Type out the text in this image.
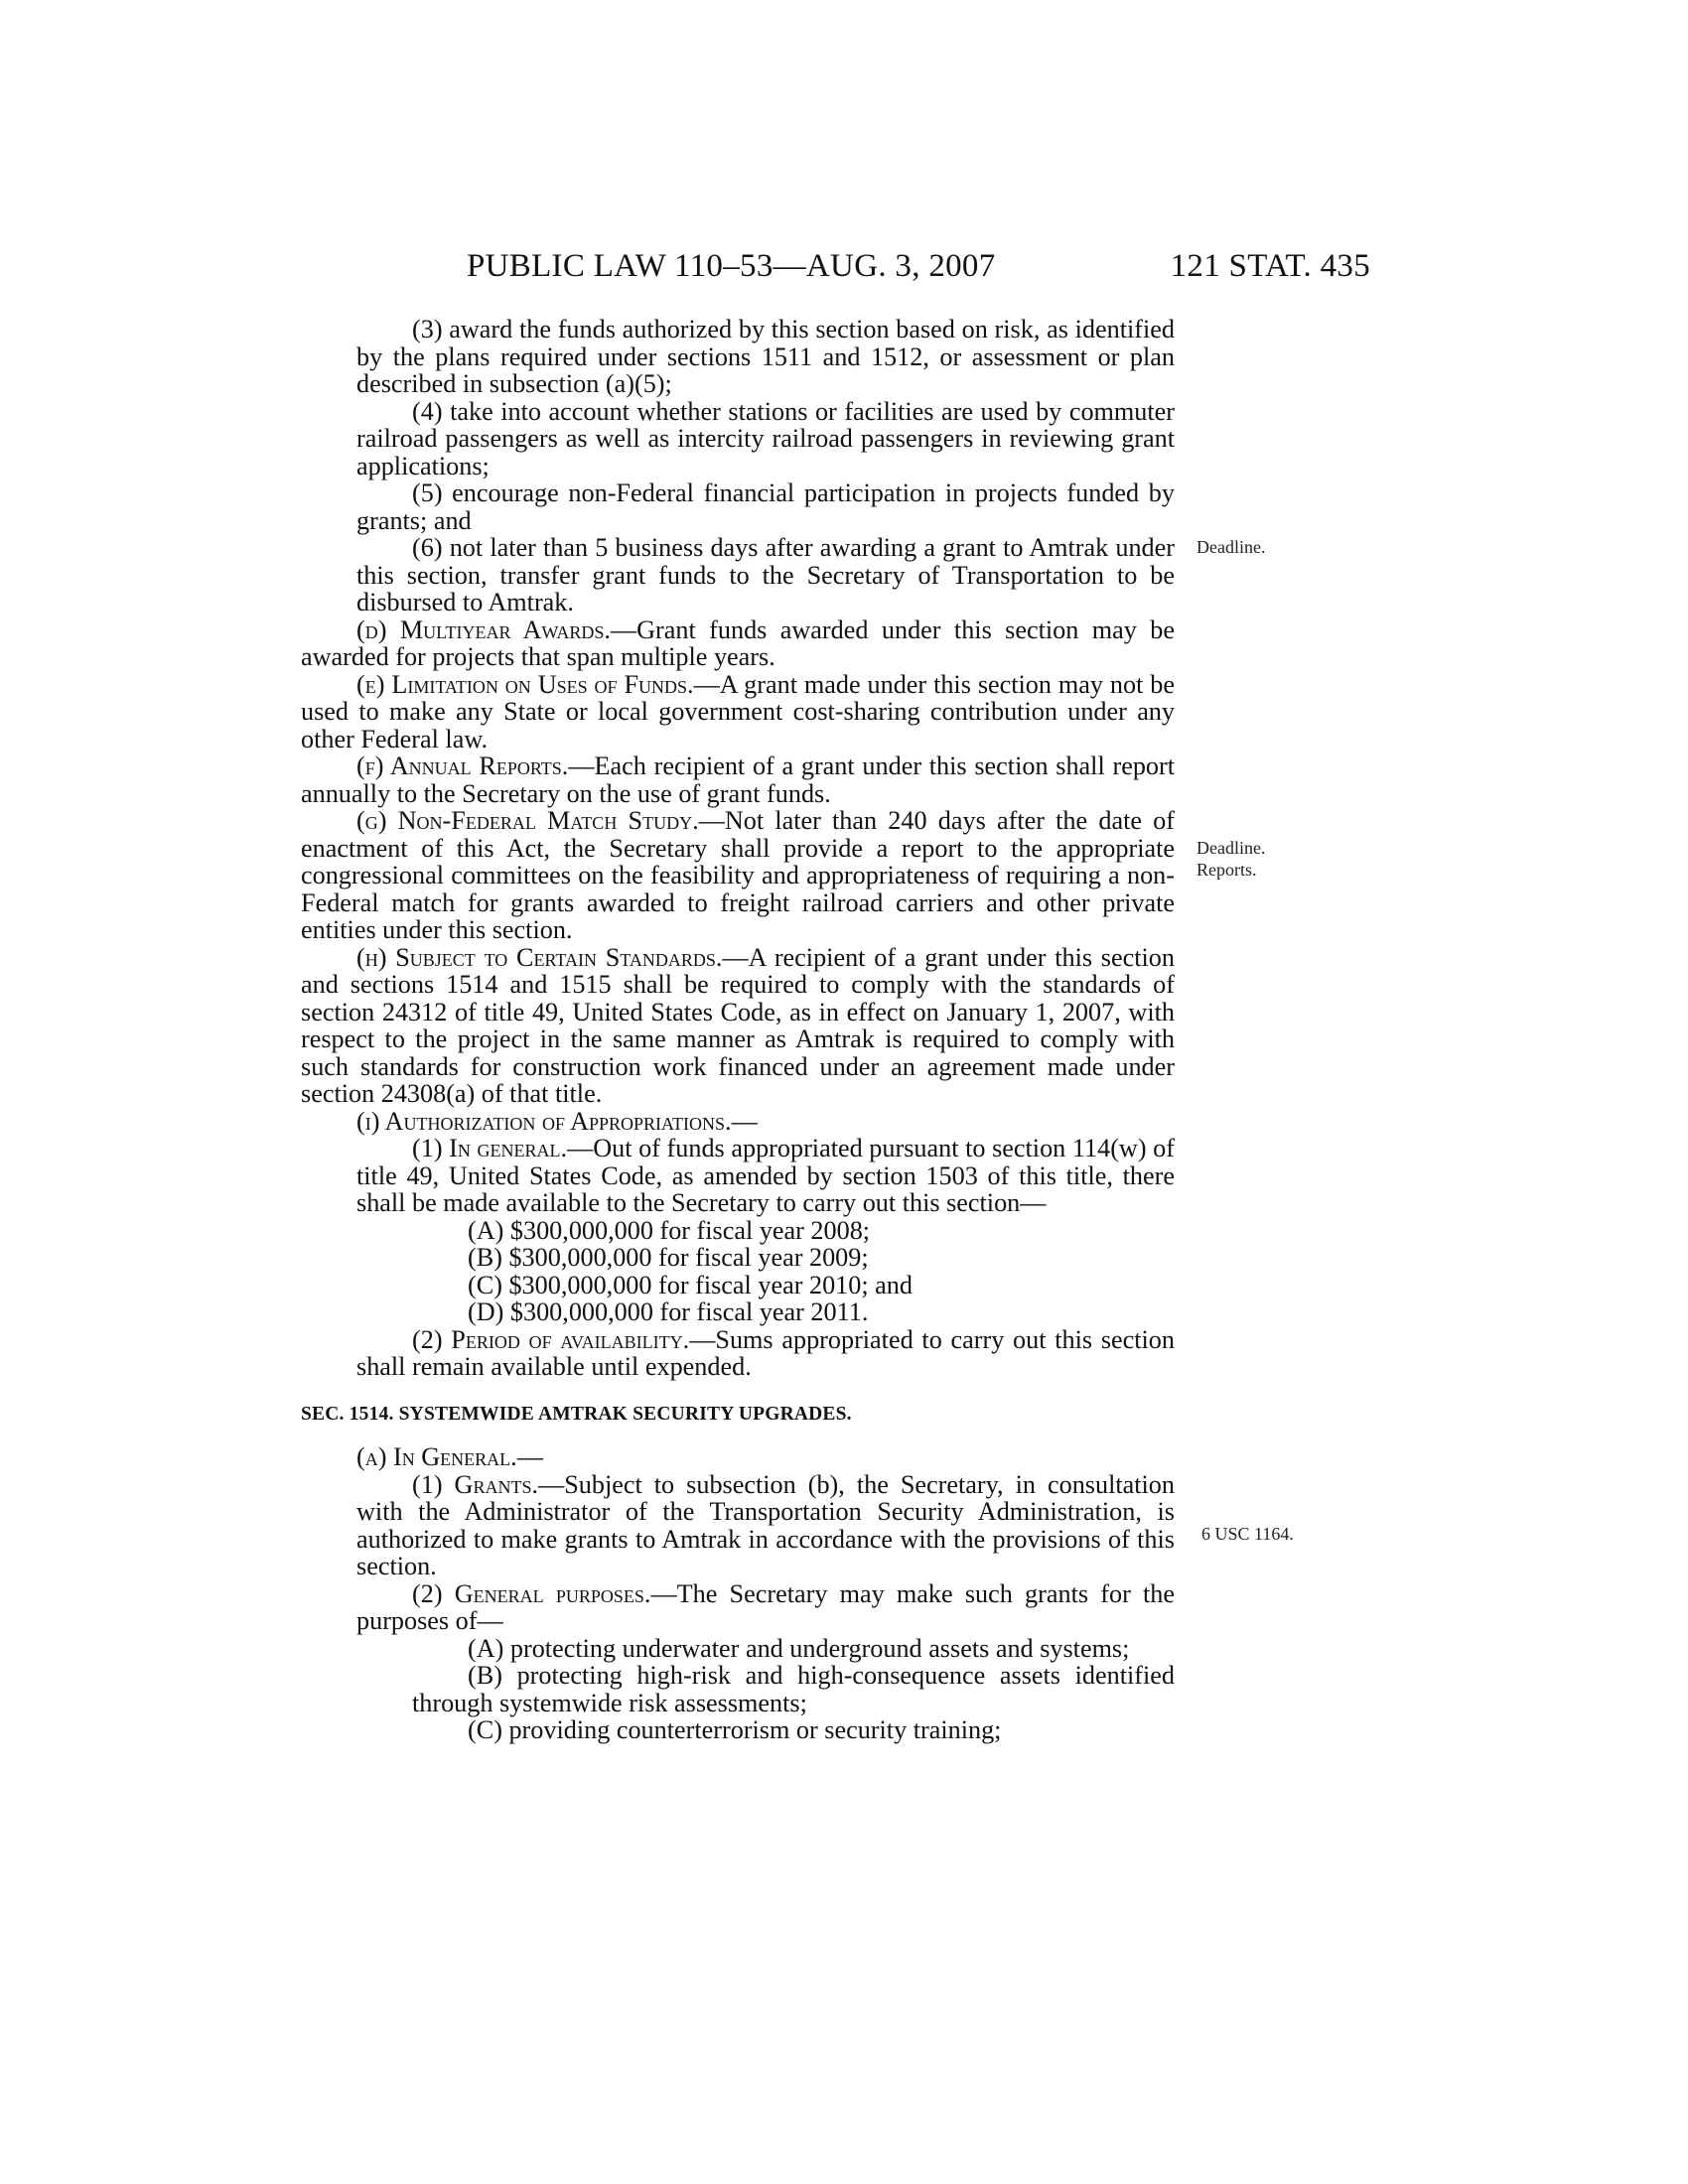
PUBLIC LAW 110–53—AUG. 3, 2007	121 STAT. 435
Deadline.
Deadline.
Reports.
6 USC 1164.

(3) award the funds authorized by this section based on risk, as identified by the plans required under sections 1511 and 1512, or assessment or plan described in subsection (a)(5);

(4) take into account whether stations or facilities are used by commuter railroad passengers as well as intercity railroad passengers in reviewing grant applications;

(5) encourage non-Federal financial participation in projects funded by grants; and

(6) not later than 5 business days after awarding a grant to Amtrak under this section, transfer grant funds to the Secretary of Transportation to be disbursed to Amtrak.

(d) Multiyear Awards.—Grant funds awarded under this section may be awarded for projects that span multiple years.

(e) Limitation on Uses of Funds.—A grant made under this section may not be used to make any State or local government cost-sharing contribution under any other Federal law.

(f) Annual Reports.—Each recipient of a grant under this section shall report annually to the Secretary on the use of grant funds.

(g) Non-Federal Match Study.—Not later than 240 days after the date of enactment of this Act, the Secretary shall provide a report to the appropriate congressional committees on the feasibility and appropriateness of requiring a non-Federal match for grants awarded to freight railroad carriers and other private entities under this section.

(h) Subject to Certain Standards.—A recipient of a grant under this section and sections 1514 and 1515 shall be required to comply with the standards of section 24312 of title 49, United States Code, as in effect on January 1, 2007, with respect to the project in the same manner as Amtrak is required to comply with such standards for construction work financed under an agreement made under section 24308(a) of that title.

(i) Authorization of Appropriations.—

(1) In general.—Out of funds appropriated pursuant to section 114(w) of title 49, United States Code, as amended by section 1503 of this title, there shall be made available to the Secretary to carry out this section—

(A) $300,000,000 for fiscal year 2008;

(B) $300,000,000 for fiscal year 2009;

(C) $300,000,000 for fiscal year 2010; and

(D) $300,000,000 for fiscal year 2011.

(2) Period of availability.—Sums appropriated to carry out this section shall remain available until expended.

SEC. 1514. SYSTEMWIDE AMTRAK SECURITY UPGRADES.

(a) In General.—

(1) Grants.—Subject to subsection (b), the Secretary, in consultation with the Administrator of the Transportation Security Administration, is authorized to make grants to Amtrak in accordance with the provisions of this section.

(2) General purposes.—The Secretary may make such grants for the purposes of—

(A) protecting underwater and underground assets and systems;

(B) protecting high-risk and high-consequence assets identified through systemwide risk assessments;

(C) providing counterterrorism or security training;
